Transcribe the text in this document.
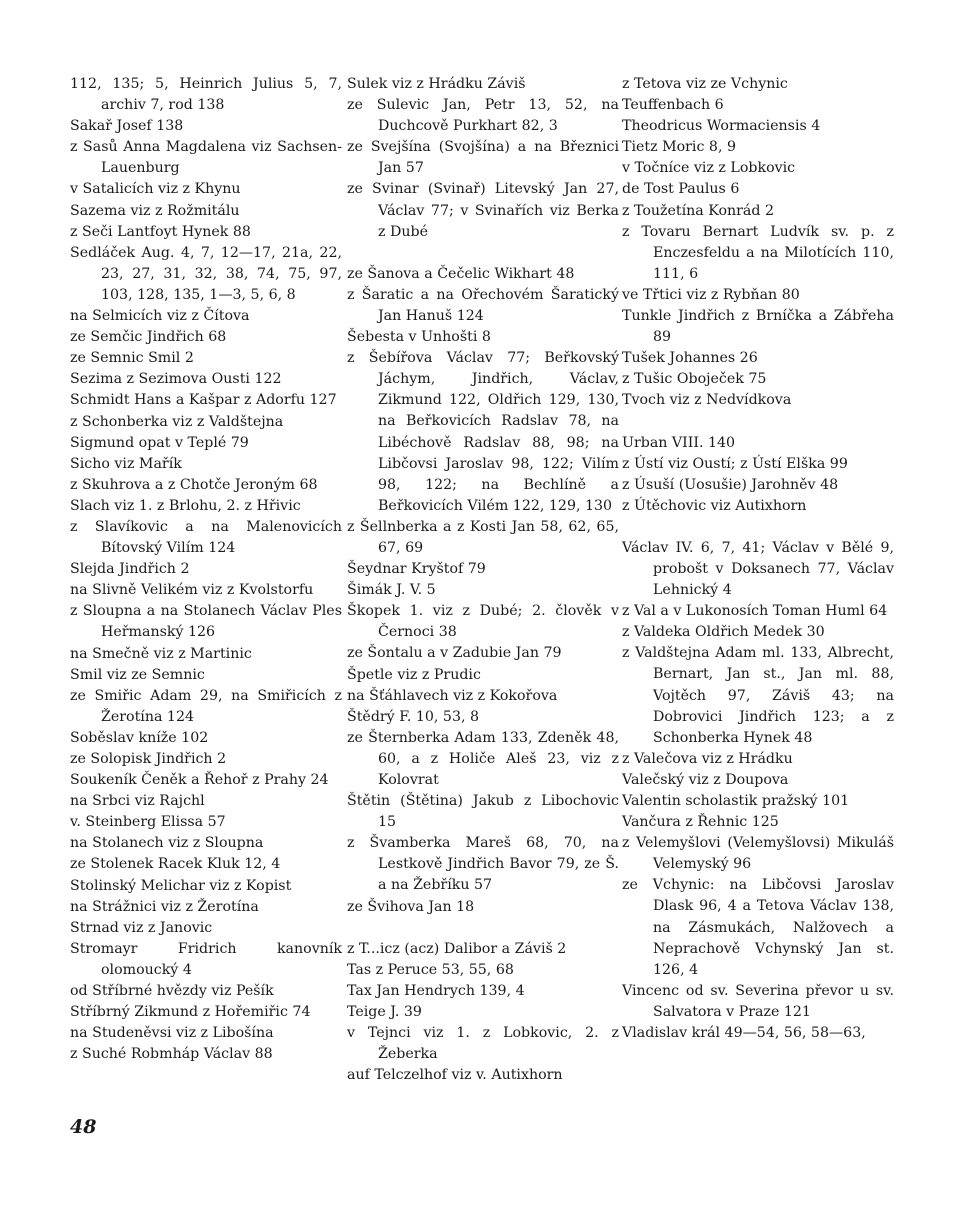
112, 135; 5, Heinrich Julius 5, 7, archiv 7, rod 138
Sakař Josef 138
z Sasů Anna Magdalena viz Sachsen-Lauenburg
v Satalicích viz z Khynu
Sazema viz z Rožmitálu
z Seči Lantfoyt Hynek 88
Sedláček Aug. 4, 7, 12—17, 21a, 22, 23, 27, 31, 32, 38, 74, 75, 97, 103, 128, 135, 1—3, 5, 6, 8
na Selmicích viz z Čítova
ze Semčic Jindřich 68
ze Semnic Smil 2
Sezima z Sezimova Ousti 122
Schmidt Hans a Kašpar z Adorfu 127
z Schonberka viz z Valdštejna
Sigmund opat v Teplé 79
Sicho viz Mařík
z Skuhrova a z Chotče Jeroným 68
Slach viz 1. z Brlohu, 2. z Hřivic
z Slavíkovic a na Malenovicích Bítovský Vilím 124
Slejda Jindřich 2
na Slivně Velikém viz z Kvolstorfu
z Sloupna a na Stolanech Václav Ples Heřmanský 126
na Smečně viz z Martinic
Smil viz ze Semnic
ze Smiřic Adam 29, na Smiřicích z Žerotína 124
Soběslav kníže 102
ze Solopisk Jindřich 2
Soukeník Čeněk a Řehoř z Prahy 24
na Srbci viz Rajchl
v. Steinberg Elissa 57
na Stolanech viz z Sloupna
ze Stolenek Racek Kluk 12, 4
Stolinský Melichar viz z Kopist
na Strážnici viz z Žerotína
Strnad viz z Janovic
Stromayr Fridrich kanovník olomoucký 4
od Stříbrné hvězdy viz Pešík
Stříbrný Zikmund z Hořemiřic 74
na Studeněvsi viz z Libošína
z Suché Robmháp Václav 88
Sulek viz z Hrádku Záviš
ze Sulevic Jan, Petr 13, 52, na Duchcově Purkhart 82, 3
ze Svejšína (Svojšína) a na Březnici Jan 57
ze Svinar (Svinař) Litevský Jan 27, Václav 77; v Svinařích viz Berka z Dubé
ze Šanova a Čečelic Wikhart 48
z Šaratic a na Ořechovém Šaratický Jan Hanuš 124
Šebesta v Unhošti 8
z Šebířova Václav 77; Beřkovský Jáchym, Jindřich, Václav, Zikmund 122, Oldřich 129, 130, na Beřkovicích Radslav 78, na Libéchově Radslav 88, 98; na Libčovsi Jaroslav 98, 122; Vilím 98, 122; na Bechlíně a Beřkovicích Vilém 122, 129, 130
z Šellnberka a z Kosti Jan 58, 62, 65, 67, 69
Šeydnar Kryštof 79
Šimák J. V. 5
Škopek 1. viz z Dubé; 2. člověk v Černoci 38
ze Šontalu a v Zadubie Jan 79
Špetle viz z Prudic
na Šťáhlavech viz z Kokořova
Štědrý F. 10, 53, 8
ze Šternberka Adam 133, Zdeněk 48, 60, a z Holiče Aleš 23, viz z Kolovrat
Štětin (Štětina) Jakub z Libochovic 15
z Švamberka Mareš 68, 70, na Lestkově Jindřich Bavor 79, ze Š. a na Žebříku 57
ze Švihova Jan 18
z T...icz (acz) Dalibor a Záviš 2
Tas z Peruce 53, 55, 68
Tax Jan Hendrych 139, 4
Teige J. 39
v Tejnci viz 1. z Lobkovic, 2. z Žeberka
auf Telczelhof viz v. Autixhorn
z Tetova viz ze Vchynic
Teuffenbach 6
Theodricus Wormaciensis 4
Tietz Moric 8, 9
v Točníce viz z Lobkovic
de Tost Paulus 6
z Toužetína Konrád 2
z Tovaru Bernart Ludvík sv. p. z Enczesfeldu a na Milotících 110, 111, 6
ve Třtici viz z Rybňan 80
Tunkle Jindřich z Brníčka a Zábřeha 89
Tušek Johannes 26
z Tušic Oboječek 75
Tvoch viz z Nedvídkova
Urban VIII. 140
z Ústí viz Oustí; z Ústí Elška 99
z Úsuší (Uosušie) Jarohněv 48
z Útěchovic viz Autixhorn
Václav IV. 6, 7, 41; Václav v Bělé 9, probošt v Doksanech 77, Václav Lehnický 4
z Val a v Lukonosích Toman Huml 64
z Valdeka Oldřich Medek 30
z Valdštejna Adam ml. 133, Albrecht, Bernart, Jan st., Jan ml. 88, Vojtěch 97, Záviš 43; na Dobrovici Jindřich 123; a z Schonberka Hynek 48
z Valečova viz z Hrádku
Valečský viz z Doupova
Valentin scholastik pražský 101
Vančura z Řehnic 125
z Velemyšlovi (Velemyšlovsi) Mikuláš Velemyský 96
ze Vchynic: na Libčovsi Jaroslav Dlask 96, 4 a Tetova Václav 138, na Zásmukách, Nalžovech a Neprachově Vchynský Jan st. 126, 4
Vincenc od sv. Severina převor u sv. Salvatora v Praze 121
Vladislav král 49—54, 56, 58—63,
48
